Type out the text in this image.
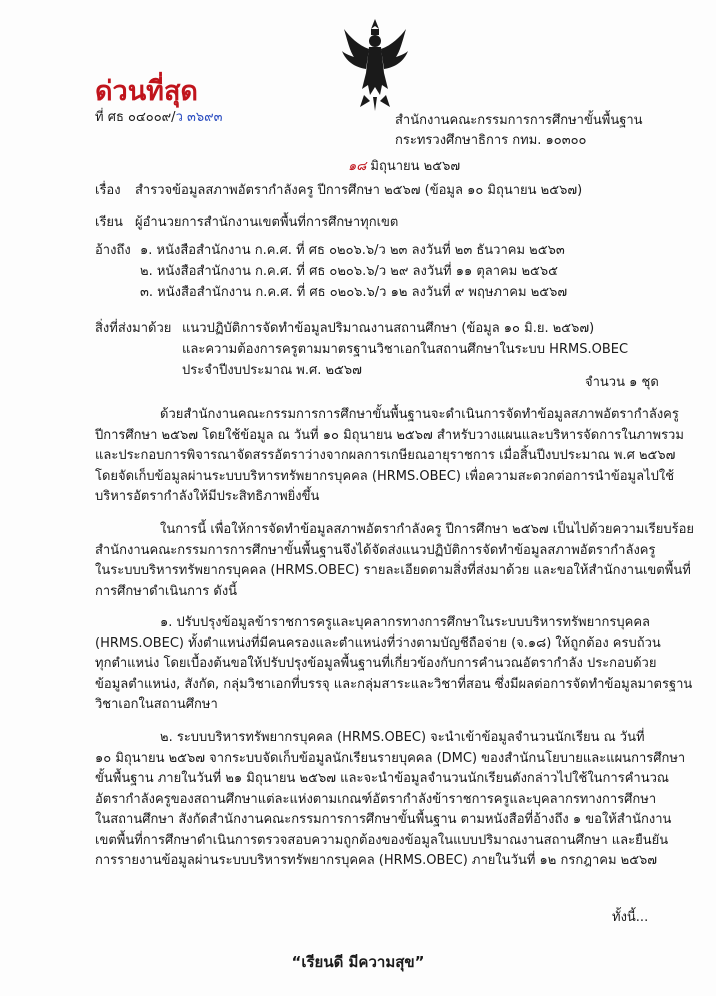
ด่วนที่สุด
ที่ ศธ ๐๔๐๐๙/ว ๓๖๙๓	สำนักงานคณะกรรมการการศึกษาขั้นพื้นฐาน
กระทรวงศึกษาธิการ กทม. ๑๐๓๐๐
๑๘ มิถุนายน ๒๕๖๗
เรื่อง สำรวจข้อมูลสภาพอัตรากำลังครู ปีการศึกษา ๒๕๖๗ (ข้อมูล ๑๐ มิถุนายน ๒๕๖๗)
เรียน ผู้อำนวยการสำนักงานเขตพื้นที่การศึกษาทุกเขต
อ้างถึง ๑. หนังสือสำนักงาน ก.ค.ศ. ที่ ศธ ๐๒๐๖.๖/ว ๒๓ ลงวันที่ ๒๓ ธันวาคม ๒๕๖๓
๒. หนังสือสำนักงาน ก.ค.ศ. ที่ ศธ ๐๒๐๖.๖/ว ๒๙ ลงวันที่ ๑๑ ตุลาคม ๒๕๖๕
๓. หนังสือสำนักงาน ก.ค.ศ. ที่ ศธ ๐๒๐๖.๖/ว ๑๒ ลงวันที่ ๙ พฤษภาคม ๒๕๖๗
สิ่งที่ส่งมาด้วย แนวปฏิบัติการจัดทำข้อมูลปริมาณงานสถานศึกษา (ข้อมูล ๑๐ มิ.ย. ๒๕๖๗)
และความต้องการครูตามมาตรฐานวิชาเอกในสถานศึกษาในระบบ HRMS.OBEC
ประจำปีงบประมาณ พ.ศ. ๒๕๖๗
จำนวน ๑ ชุด
ด้วยสำนักงานคณะกรรมการการศึกษาขั้นพื้นฐานจะดำเนินการจัดทำข้อมูลสภาพอัตรากำลังครู
ปีการศึกษา ๒๕๖๗ โดยใช้ข้อมูล ณ วันที่ ๑๐ มิถุนายน ๒๕๖๗ สำหรับวางแผนและบริหารจัดการในภาพรวม
และประกอบการพิจารณาจัดสรรอัตราว่างจากผลการเกษียณอายุราชการ เมื่อสิ้นปีงบประมาณ พ.ศ ๒๕๖๗
โดยจัดเก็บข้อมูลผ่านระบบบริหารทรัพยากรบุคคล (HRMS.OBEC) เพื่อความสะดวกต่อการนำข้อมูลไปใช้
บริหารอัตรากำลังให้มีประสิทธิภาพยิ่งขึ้น
ในการนี้ เพื่อให้การจัดทำข้อมูลสภาพอัตรากำลังครู ปีการศึกษา ๒๕๖๗ เป็นไปด้วยความเรียบร้อย
สำนักงานคณะกรรมการการศึกษาขั้นพื้นฐานจึงได้จัดส่งแนวปฏิบัติการจัดทำข้อมูลสภาพอัตรากำลังครู
ในระบบบริหารทรัพยากรบุคคล (HRMS.OBEC) รายละเอียดตามสิ่งที่ส่งมาด้วย และขอให้สำนักงานเขตพื้นที่
การศึกษาดำเนินการ ดังนี้
๑. ปรับปรุงข้อมูลข้าราชการครูและบุคลากรทางการศึกษาในระบบบริหารทรัพยากรบุคคล
(HRMS.OBEC) ทั้งตำแหน่งที่มีคนครองและตำแหน่งที่ว่างตามบัญชีถือจ่าย (จ.๑๘) ให้ถูกต้อง ครบถ้วน
ทุกตำแหน่ง โดยเบื้องต้นขอให้ปรับปรุงข้อมูลพื้นฐานที่เกี่ยวข้องกับการคำนวณอัตรากำลัง ประกอบด้วย
ข้อมูลตำแหน่ง, สังกัด, กลุ่มวิชาเอกที่บรรจุ และกลุ่มสาระและวิชาที่สอน ซึ่งมีผลต่อการจัดทำข้อมูลมาตรฐาน
วิชาเอกในสถานศึกษา
๒. ระบบบริหารทรัพยากรบุคคล (HRMS.OBEC) จะนำเข้าข้อมูลจำนวนนักเรียน ณ วันที่
๑๐ มิถุนายน ๒๕๖๗ จากระบบจัดเก็บข้อมูลนักเรียนรายบุคคล (DMC) ของสำนักนโยบายและแผนการศึกษา
ขั้นพื้นฐาน ภายในวันที่ ๒๑ มิถุนายน ๒๕๖๗ และจะนำข้อมูลจำนวนนักเรียนดังกล่าวไปใช้ในการคำนวณ
อัตรากำลังครูของสถานศึกษาแต่ละแห่งตามเกณฑ์อัตรากำลังข้าราชการครูและบุคลากรทางการศึกษา
ในสถานศึกษา สังกัดสำนักงานคณะกรรมการการศึกษาขั้นพื้นฐาน ตามหนังสือที่อ้างถึง ๑ ขอให้สำนักงาน
เขตพื้นที่การศึกษาดำเนินการตรวจสอบความถูกต้องของข้อมูลในแบบปริมาณงานสถานศึกษา และยืนยัน
การรายงานข้อมูลผ่านระบบบริหารทรัพยากรบุคคล (HRMS.OBEC) ภายในวันที่ ๑๒ กรกฎาคม ๒๕๖๗
ทั้งนี้...
“เรียนดี มีความสุข”
